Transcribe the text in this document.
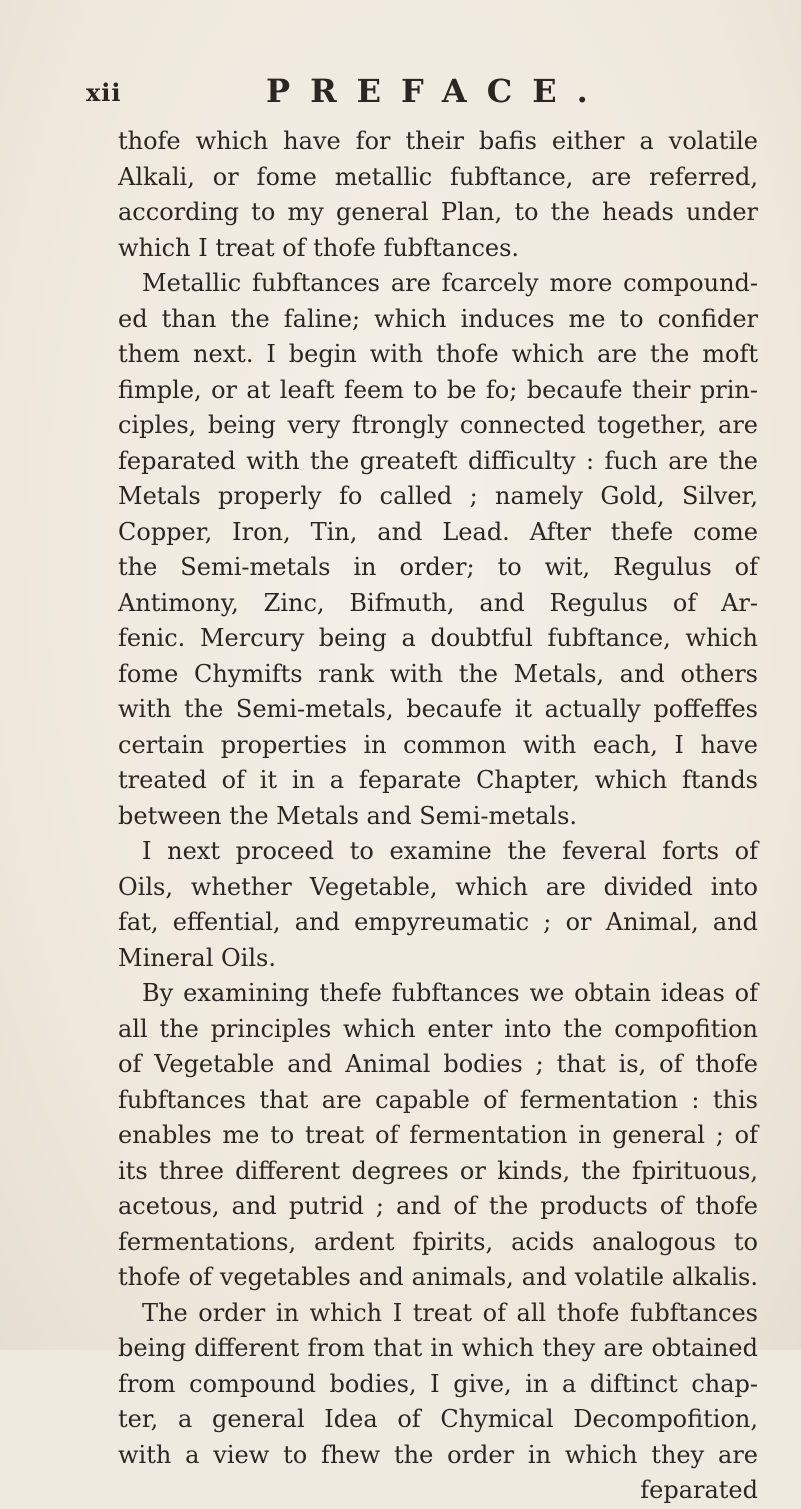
xii	PREFACE.
thofe which have for their bafis either a volatile
Alkali, or fome metallic fubftance, are referred,
according to my general Plan, to the heads under
which I treat of thofe fubftances.
Metallic fubftances are fcarcely more compound-
ed than the faline; which induces me to confider
them next. I begin with thofe which are the moft
fimple, or at leaft feem to be fo; becaufe their prin-
ciples, being very ftrongly connected together, are
feparated with the greateft difficulty : fuch are the
Metals properly fo called ; namely Gold, Silver,
Copper, Iron, Tin, and Lead. After thefe come
the Semi-metals in order; to wit, Regulus of
Antimony, Zinc, Bifmuth, and Regulus of Ar-
fenic. Mercury being a doubtful fubftance, which
fome Chymifts rank with the Metals, and others
with the Semi-metals, becaufe it actually poffeffes
certain properties in common with each, I have
treated of it in a feparate Chapter, which ftands
between the Metals and Semi-metals.
I next proceed to examine the feveral forts of
Oils, whether Vegetable, which are divided into
fat, effential, and empyreumatic ; or Animal, and
Mineral Oils.
By examining thefe fubftances we obtain ideas of
all the principles which enter into the compofition
of Vegetable and Animal bodies ; that is, of thofe
fubftances that are capable of fermentation : this
enables me to treat of fermentation in general ; of
its three different degrees or kinds, the fpirituous,
acetous, and putrid ; and of the products of thofe
fermentations, ardent fpirits, acids analogous to
thofe of vegetables and animals, and volatile alkalis.
The order in which I treat of all thofe fubftances
being different from that in which they are obtained
from compound bodies, I give, in a diftinct chap-
ter, a general Idea of Chymical Decompofition,
with a view to fhew the order in which they are
feparated
